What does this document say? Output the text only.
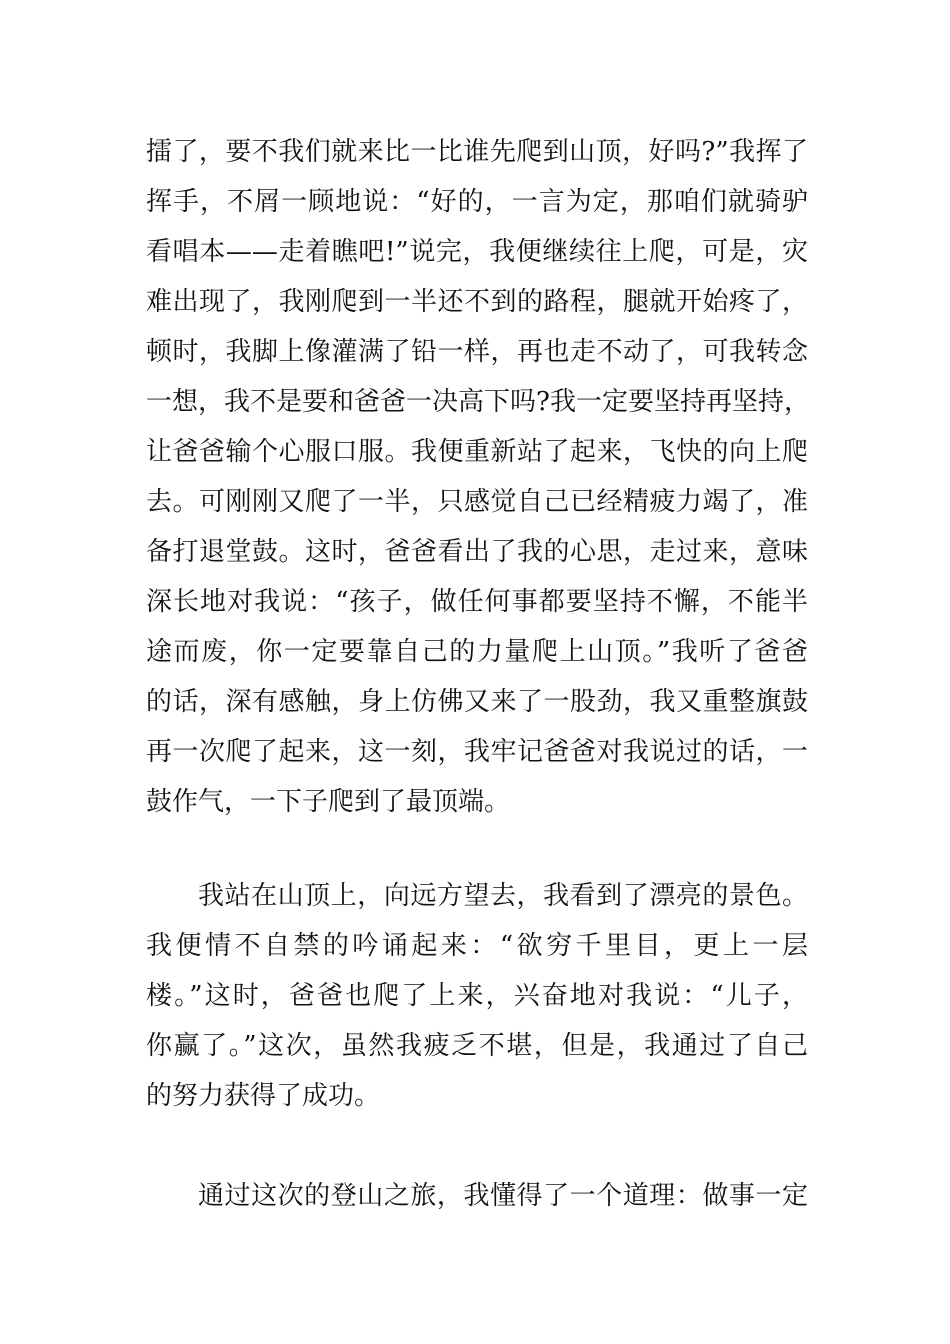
擂了，要不我们就来比一比谁先爬到山顶，好吗?”我挥了
挥手，不屑一顾地说：“好的，一言为定，那咱们就骑驴
看唱本——走着瞧吧!”说完，我便继续往上爬，可是，灾
难出现了，我刚爬到一半还不到的路程，腿就开始疼了，
顿时，我脚上像灌满了铅一样，再也走不动了，可我转念
一想，我不是要和爸爸一决高下吗?我一定要坚持再坚持，
让爸爸输个心服口服。我便重新站了起来，飞快的向上爬
去。可刚刚又爬了一半，只感觉自己已经精疲力竭了，准
备打退堂鼓。这时，爸爸看出了我的心思，走过来，意味
深长地对我说：“孩子，做任何事都要坚持不懈，不能半
途而废，你一定要靠自己的力量爬上山顶。”我听了爸爸
的话，深有感触，身上仿佛又来了一股劲，我又重整旗鼓
再一次爬了起来，这一刻，我牢记爸爸对我说过的话，一
鼓作气，一下子爬到了最顶端。
我站在山顶上，向远方望去，我看到了漂亮的景色。
我便情不自禁的吟诵起来：“欲穷千里目，更上一层
楼。”这时，爸爸也爬了上来，兴奋地对我说：“儿子，
你赢了。”这次，虽然我疲乏不堪，但是，我通过了自己
的努力获得了成功。
通过这次的登山之旅，我懂得了一个道理：做事一定
